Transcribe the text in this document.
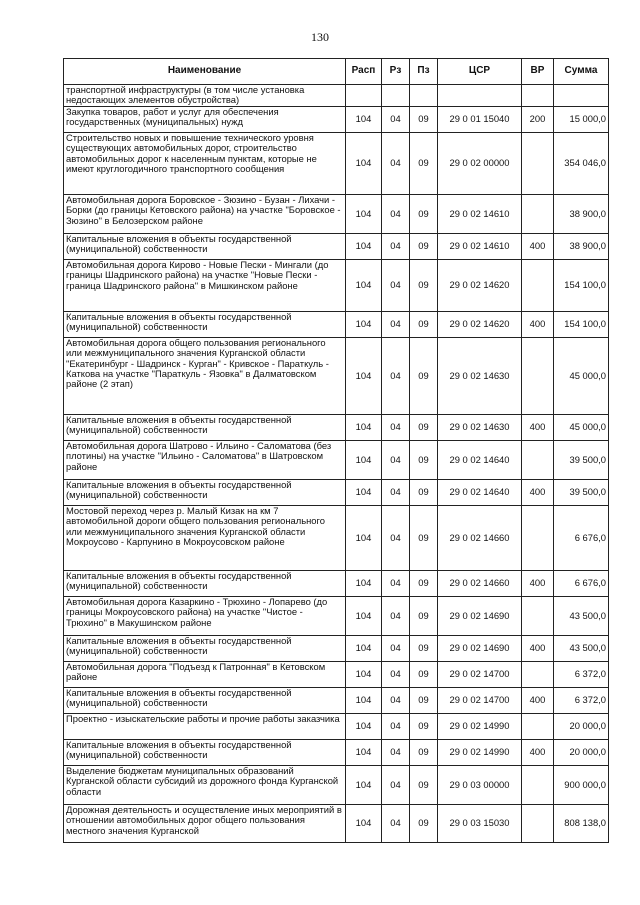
130
Наименование	Расп	Рз	Пз	ЦСР	ВР	Сумма
транспортной инфраструктуры (в том числе установка недостающих элементов обустройства)						
Закупка товаров, работ и услуг для обеспечения государственных (муниципальных) нужд	104	04	09	29 0 01 15040	200	15 000,0
Строительство новых и повышение технического уровня существующих автомобильных дорог, строительство автомобильных дорог к населенным пунктам, которые не имеют круглогодичного транспортного сообщения	104	04	09	29 0 02 00000		354 046,0
Автомобильная дорога Боровское - Зюзино - Бузан - Лихачи - Борки (до границы Кетовского района) на участке "Боровское - Зюзино" в Белозерском районе	104	04	09	29 0 02 14610		38 900,0
Капитальные вложения в объекты государственной (муниципальной) собственности	104	04	09	29 0 02 14610	400	38 900,0
Автомобильная дорога Кирово - Новые Пески - Мингали (до границы Шадринского района) на участке "Новые Пески - граница Шадринского района" в Мишкинском районе	104	04	09	29 0 02 14620		154 100,0
Капитальные вложения в объекты государственной (муниципальной) собственности	104	04	09	29 0 02 14620	400	154 100,0
Автомобильная дорога общего пользования регионального или межмуниципального значения Курганской области "Екатеринбург - Шадринск - Курган" - Кривское - Параткуль - Каткова на участке "Параткуль - Язовка" в Далматовском районе (2 этап)	104	04	09	29 0 02 14630		45 000,0
Капитальные вложения в объекты государственной (муниципальной) собственности	104	04	09	29 0 02 14630	400	45 000,0
Автомобильная дорога Шатрово - Ильино - Саломатова (без плотины) на участке "Ильино - Саломатова" в Шатровском районе	104	04	09	29 0 02 14640		39 500,0
Капитальные вложения в объекты государственной (муниципальной) собственности	104	04	09	29 0 02 14640	400	39 500,0
Мостовой переход через р. Малый Кизак на км 7 автомобильной дороги общего пользования регионального или межмуниципального значения Курганской области Мокроусово - Карпунино в Мокроусовском районе	104	04	09	29 0 02 14660		6 676,0
Капитальные вложения в объекты государственной (муниципальной) собственности	104	04	09	29 0 02 14660	400	6 676,0
Автомобильная дорога Казаркино - Трюхино - Лопарево (до границы Мокроусовского района) на участке "Чистое - Трюхино" в Макушинском районе	104	04	09	29 0 02 14690		43 500,0
Капитальные вложения в объекты государственной (муниципальной) собственности	104	04	09	29 0 02 14690	400	43 500,0
Автомобильная дорога "Подъезд к Патронная" в Кетовском районе	104	04	09	29 0 02 14700		6 372,0
Капитальные вложения в объекты государственной (муниципальной) собственности	104	04	09	29 0 02 14700	400	6 372,0
Проектно - изыскательские работы и прочие работы заказчика	104	04	09	29 0 02 14990		20 000,0
Капитальные вложения в объекты государственной (муниципальной) собственности	104	04	09	29 0 02 14990	400	20 000,0
Выделение бюджетам муниципальных образований Курганской области субсидий из дорожного фонда Курганской области	104	04	09	29 0 03 00000		900 000,0
Дорожная деятельность и осуществление иных мероприятий в отношении автомобильных дорог общего пользования местного значения Курганской	104	04	09	29 0 03 15030		808 138,0
